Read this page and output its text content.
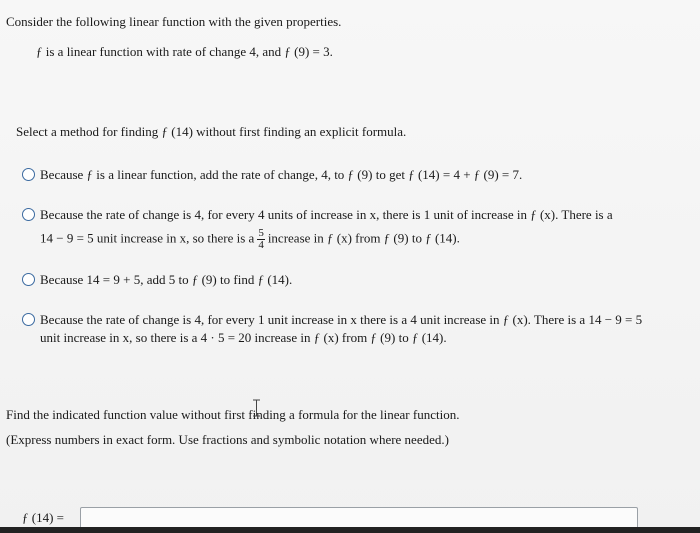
Consider the following linear function with the given properties.
ƒ is a linear function with rate of change 4, and ƒ (9) = 3.
Select a method for finding ƒ (14) without first finding an explicit formula.
Because ƒ is a linear function, add the rate of change, 4, to ƒ (9) to get ƒ (14) = 4 + ƒ (9) = 7.
Because the rate of change is 4, for every 4 units of increase in x, there is 1 unit of increase in ƒ (x). There is a
14 − 9 = 5 unit increase in x, so there is a $\frac{5}{4}$ increase in ƒ (x) from ƒ (9) to ƒ (14).
Because 14 = 9 + 5, add 5 to ƒ (9) to find ƒ (14).
Because the rate of change is 4, for every 1 unit increase in x there is a 4 unit increase in ƒ (x). There is a 14 − 9 = 5
unit increase in x, so there is a 4 · 5 = 20 increase in ƒ (x) from ƒ (9) to ƒ (14).
Find the indicated function value without first finding a formula for the linear function.
(Express numbers in exact form. Use fractions and symbolic notation where needed.)
ƒ (14) =
